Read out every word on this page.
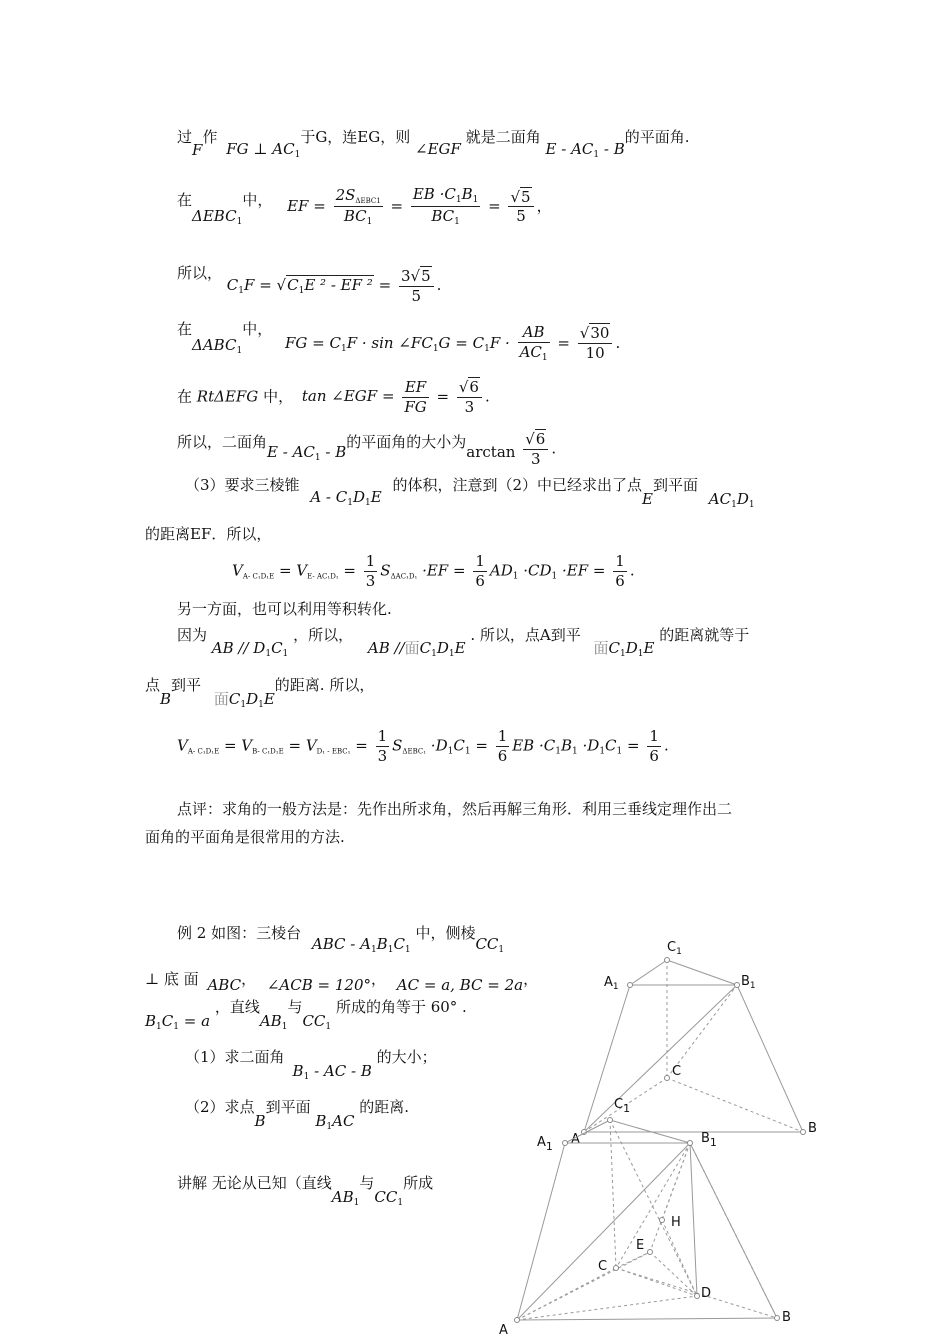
过F作 FG ⊥ $AC_1$于G，连EG，则 ∠EGF 就是二面角 E - $AC_1$ - B的平面角.
在$\Delta EBC_1$中， EF = $\frac{2S_{\Delta EBC1}}{BC_1} = \frac{EB \cdot C_1B_1}{BC_1} = \frac{√5}{5}$ ，
所以， $C_1F = √C_1E$ ² - EF $^2 = \frac{3√5}{5}$ .
在$\Delta ABC_1$中， FG = $C_1F \cdot \sin$ $\angle FC_1G = C_1F \cdot \frac{AB}{AC_1} = \frac{√30}{10}$ .
在 RtΔEFG 中， tan ∠EGF = $\frac{EF}{FG} = \frac{√6}{3}$ .
所以，二面角E - $AC_1$ - B的平面角的大小为$\arctan \frac{√6}{3}$ .
（3）要求三棱锥 A - $C_1D_1E$ 的体积，注意到（2）中已经求出了点E到平面 $AC_1D_1$
的距离EF．所以，
$V_{A- C_1D_1E} = V_{E- AC_1D_1} = \frac{1}{3} S_{\Delta AC_1D_1} \cdot EF = \frac{1}{6} AD_1 \cdot CD_1 \cdot EF = \frac{1}{6}$ .
另一方面，也可以利用等积转化.
因为 AB // $D_1C_1$ ，所以， AB //面$C_1D_1E$ . 所以，点A到平 面$C_1D_1E$ 的距离就等于
点B到平 面$C_1D_1E$的距离. 所以，
$V_{A- C_1D_1E} = V_{B- C_1D_1E} = V_{D_1 - EBC_1} = \frac{1}{3} S_{\Delta EBC_1} \cdot D_1C_1 = \frac{1}{6}$ EB $\cdot C_1B_1 \cdot D_1C_1 = \frac{1}{6}$ .
点评：求角的一般方法是：先作出所求角，然后再解三角形．利用三垂线定理作出二
面角的平面角是很常用的方法.
例 2 如图：三棱台 ABC - $A_1B_1C_1$ 中，侧棱$CC_1$
⊥ 底 面 ABC， ∠ACB = 120°， AC = a, BC = 2a，
$B_1C_1 = a$ ，直线$AB_1$与$CC_1$ 所成的角等于 60° .
（1）求二面角$B_1$ - AC - B 的大小；
（2）求点B到平面 $B_1AC$ 的距离.
讲解 无论从已知（直线$AB_1$与$CC_1$所成
$C_1$
$A_1$	$B_1$
C
A
B
$C_1$
$A_1$
$B_1$
H
E
C
D
A
B
